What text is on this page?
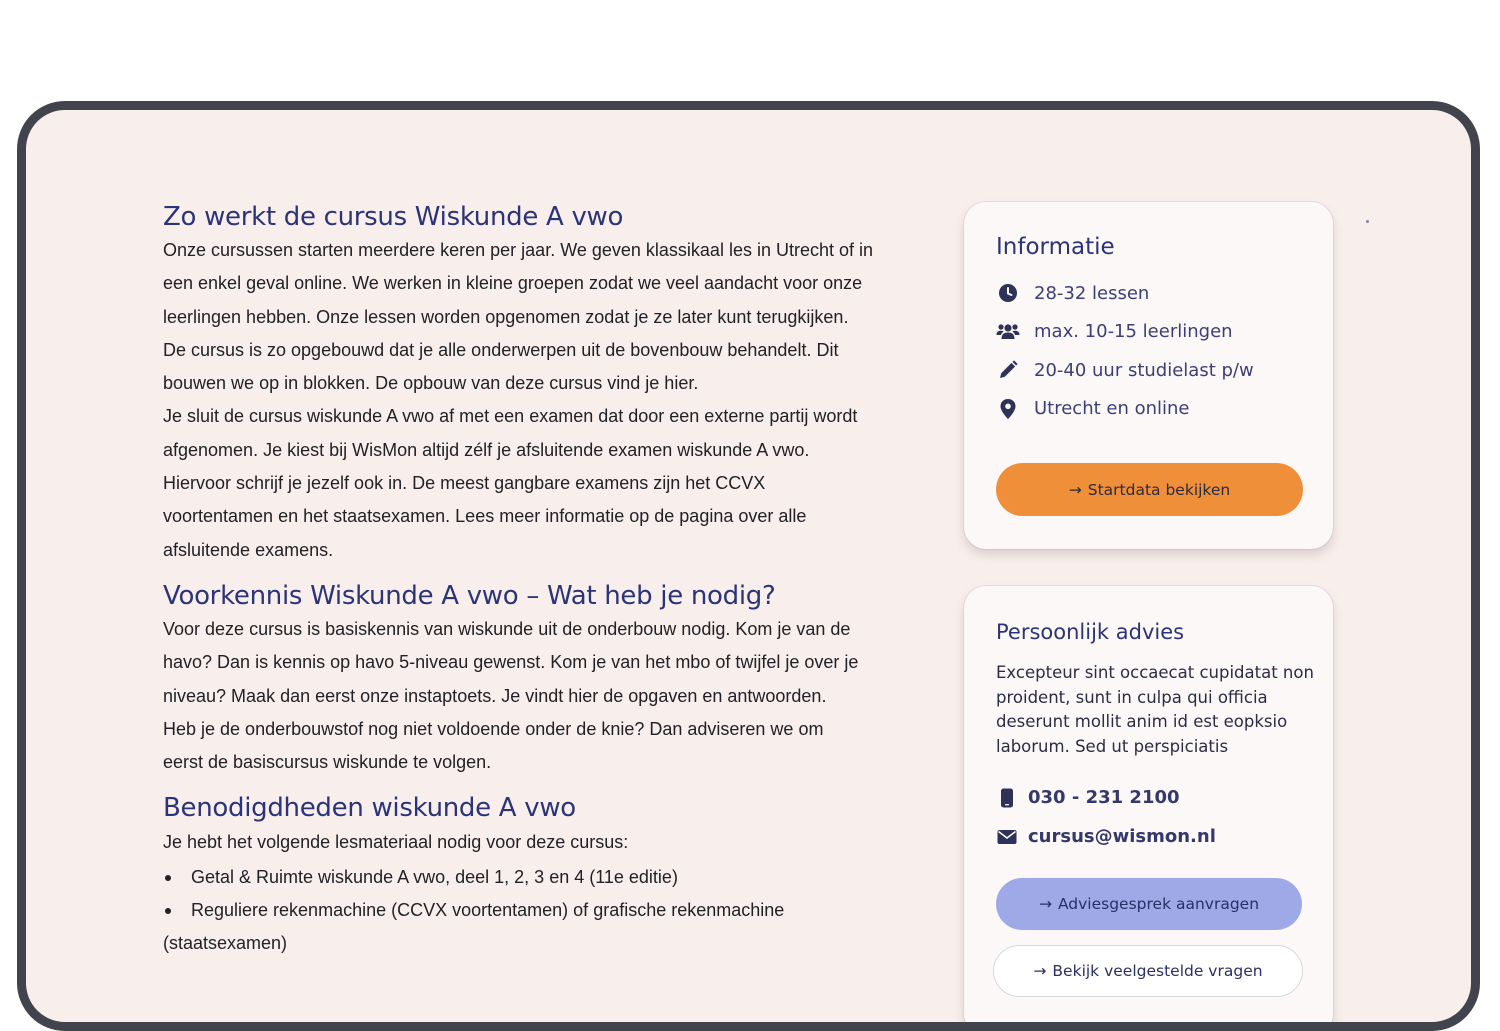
Zo werkt de cursus Wiskunde A vwo
Onze cursussen starten meerdere keren per jaar. We geven klassikaal les in Utrecht of in
een enkel geval online. We werken in kleine groepen zodat we veel aandacht voor onze
leerlingen hebben. Onze lessen worden opgenomen zodat je ze later kunt terugkijken.
De cursus is zo opgebouwd dat je alle onderwerpen uit de bovenbouw behandelt. Dit
bouwen we op in blokken. De opbouw van deze cursus vind je hier.
Je sluit de cursus wiskunde A vwo af met een examen dat door een externe partij wordt
afgenomen. Je kiest bij WisMon altijd zélf je afsluitende examen wiskunde A vwo.
Hiervoor schrijf je jezelf ook in. De meest gangbare examens zijn het CCVX
voortentamen en het staatsexamen. Lees meer informatie op de pagina over alle
afsluitende examens.
Voorkennis Wiskunde A vwo – Wat heb je nodig?
Voor deze cursus is basiskennis van wiskunde uit de onderbouw nodig. Kom je van de
havo? Dan is kennis op havo 5-niveau gewenst. Kom je van het mbo of twijfel je over je
niveau? Maak dan eerst onze instaptoets. Je vindt hier de opgaven en antwoorden.
Heb je de onderbouwstof nog niet voldoende onder de knie? Dan adviseren we om
eerst de basiscursus wiskunde te volgen.
Benodigdheden wiskunde A vwo
Je hebt het volgende lesmateriaal nodig voor deze cursus:
Getal & Ruimte wiskunde A vwo, deel 1, 2, 3 en 4 (11e editie)
Reguliere rekenmachine (CCVX voortentamen) of grafische rekenmachine
(staatsexamen)
Informatie
28-32 lessen
max. 10-15 leerlingen
20-40 uur studielast p/w
Utrecht en online
→ Startdata bekijken
Persoonlijk advies
Excepteur sint occaecat cupidatat non proident, sunt in culpa qui officia deserunt mollit anim id est eopksio laborum. Sed ut perspiciatis
030 - 231 2100
cursus@wismon.nl
→ Adviesgesprek aanvragen
→ Bekijk veelgestelde vragen
